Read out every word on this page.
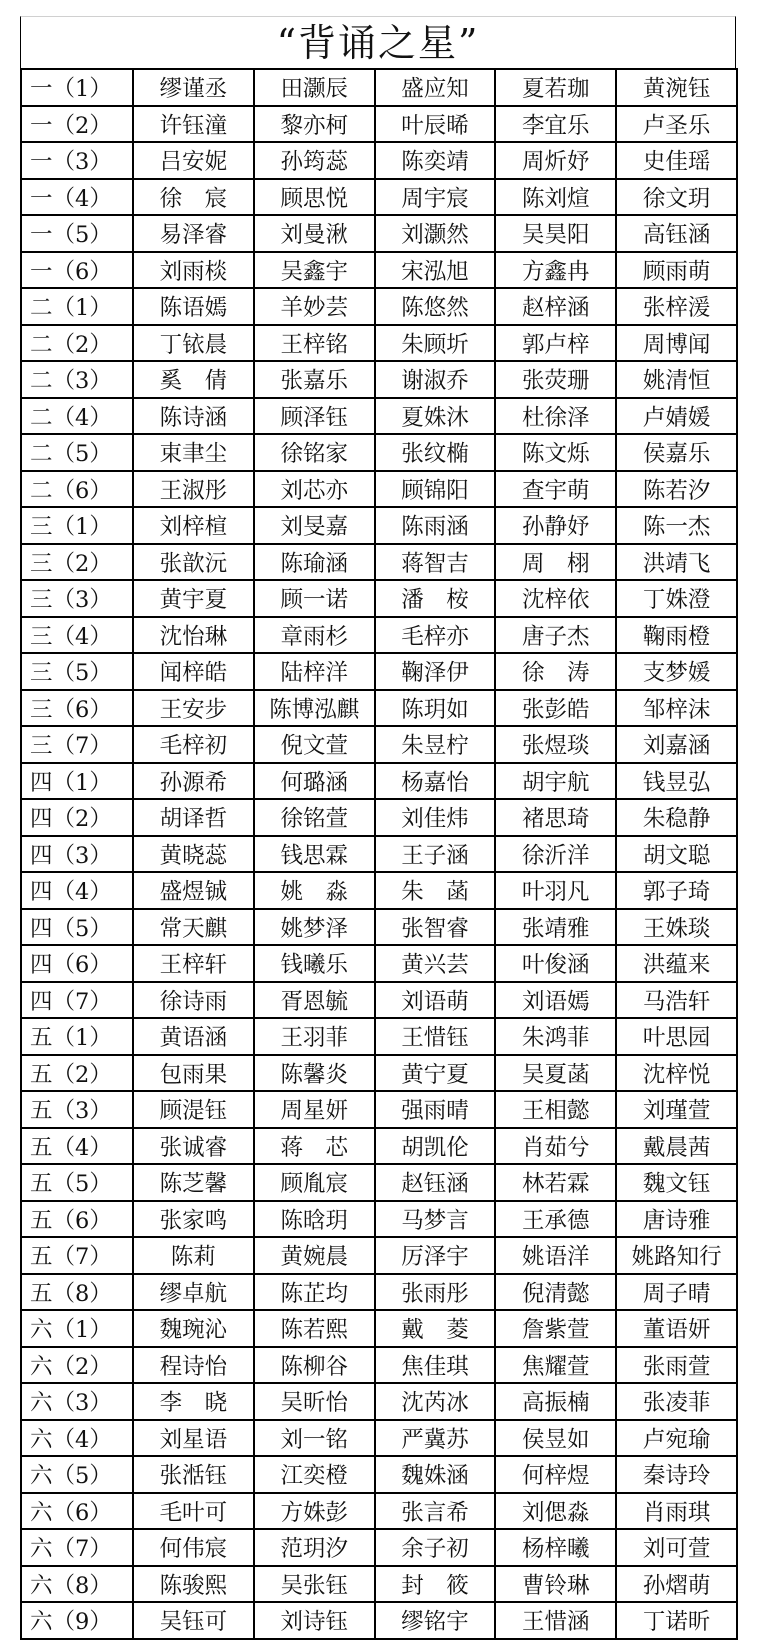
“背诵之星”
一（1）	缪谨丞	田灏辰	盛应知	夏若珈	黄涴钰
一（2）	许钰潼	黎亦柯	叶辰晞	李宜乐	卢圣乐
一（3）	吕安妮	孙筠蕊	陈奕靖	周炘妤	史佳瑶
一（4）	徐　宸	顾思悦	周宇宸	陈刘煊	徐文玥
一（5）	易泽睿	刘曼湫	刘灏然	吴昊阳	高钰涵
一（6）	刘雨棪	吴鑫宇	宋泓旭	方鑫冉	顾雨萌
二（1）	陈语嫣	羊妙芸	陈悠然	赵梓涵	张梓湲
二（2）	丁铱晨	王梓铭	朱顾圻	郭卢梓	周博闻
二（3）	奚　倩	张嘉乐	谢淑乔	张荧珊	姚清恒
二（4）	陈诗涵	顾泽钰	夏姝沐	杜徐泽	卢婧媛
二（5）	束聿尘	徐铭家	张纹椭	陈文烁	侯嘉乐
二（6）	王淑彤	刘芯亦	顾锦阳	查宇萌	陈若汐
三（1）	刘梓楦	刘旻嘉	陈雨涵	孙静妤	陈一杰
三（2）	张歆沅	陈瑜涵	蒋智吉	周　栩	洪靖飞
三（3）	黄宇夏	顾一诺	潘　桉	沈梓依	丁姝澄
三（4）	沈怡琳	章雨杉	毛梓亦	唐子杰	鞠雨橙
三（5）	闻梓皓	陆梓洋	鞠泽伊	徐　涛	支梦媛
三（6）	王安步	陈博泓麒	陈玥如	张彭皓	邹梓沫
三（7）	毛梓初	倪文萱	朱昱柠	张煜琰	刘嘉涵
四（1）	孙源希	何璐涵	杨嘉怡	胡宇航	钱昱弘
四（2）	胡译哲	徐铭萱	刘佳炜	褚思琦	朱稳静
四（3）	黄晓蕊	钱思霖	王子涵	徐沂洋	胡文聪
四（4）	盛煜铖	姚　淼	朱　菡	叶羽凡	郭子琦
四（5）	常天麒	姚梦泽	张智睿	张靖雅	王姝琰
四（6）	王梓轩	钱曦乐	黄兴芸	叶俊涵	洪蕴来
四（7）	徐诗雨	胥恩毓	刘语萌	刘语嫣	马浩轩
五（1）	黄语涵	王羽菲	王惜钰	朱鸿菲	叶思园
五（2）	包雨果	陈馨炎	黄宁夏	吴夏菡	沈梓悦
五（3）	顾湜钰	周星妍	强雨晴	王相懿	刘瑾萱
五（4）	张诚睿	蒋　芯	胡凯伦	肖茹兮	戴晨茜
五（5）	陈芝馨	顾胤宸	赵钰涵	林若霖	魏文钰
五（6）	张家鸣	陈晗玥	马梦言	王承德	唐诗雅
五（7）	陈莉	黄婉晨	厉泽宇	姚语洋	姚路知行
五（8）	缪卓航	陈芷均	张雨彤	倪清懿	周子晴
六（1）	魏琬沁	陈若熙	戴　菱	詹紫萱	董语妍
六（2）	程诗怡	陈柳谷	焦佳琪	焦耀萱	张雨萱
六（3）	李　晓	吴昕怡	沈芮冰	高振楠	张凌菲
六（4）	刘星语	刘一铭	严冀苏	侯昱如	卢宛瑜
六（5）	张湉钰	江奕橙	魏姝涵	何梓煜	秦诗玲
六（6）	毛叶可	方姝彭	张言希	刘偲淼	肖雨琪
六（7）	何伟宸	范玥汐	余子初	杨梓曦	刘可萱
六（8）	陈骏熙	吴张钰	封　筱	曹铃琳	孙熠萌
六（9）	吴钰可	刘诗钰	缪铭宇	王惜涵	丁诺昕
